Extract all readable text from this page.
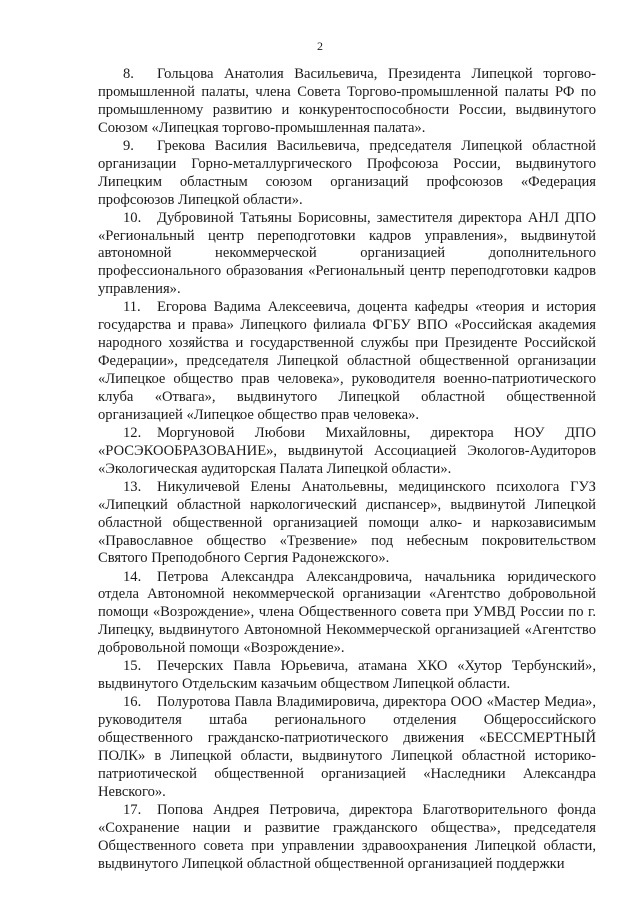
2

8. Гольцова Анатолия Васильевича, Президента Липецкой торгово-промышленной палаты, члена Совета Торгово-промышленной палаты РФ по промышленному развитию и конкурентоспособности России, выдвинутого Союзом «Липецкая торгово-промышленная палата».

9. Грекова Василия Васильевича, председателя Липецкой областной организации Горно-металлургического Профсоюза России, выдвинутого Липецким областным союзом организаций профсоюзов «Федерация профсоюзов Липецкой области».

10. Дубровиной Татьяны Борисовны, заместителя директора АНЛ ДПО «Региональный центр переподготовки кадров управления», выдвинутой автономной некоммерческой организацией дополнительного профессионального образования «Региональный центр переподготовки кадров управления».

11. Егорова Вадима Алексеевича, доцента кафедры «теория и история государства и права» Липецкого филиала ФГБУ ВПО «Российская академия народного хозяйства и государственной службы при Президенте Российской Федерации», председателя Липецкой областной общественной организации «Липецкое общество прав человека», руководителя военно-патриотического клуба «Отвага», выдвинутого Липецкой областной общественной организацией «Липецкое общество прав человека».

12. Моргуновой Любови Михайловны, директора НОУ ДПО «РОСЭКООБРАЗОВАНИЕ», выдвинутой Ассоциацией Экологов-Аудиторов «Экологическая аудиторская Палата Липецкой области».

13. Никуличевой Елены Анатольевны, медицинского психолога ГУЗ «Липецкий областной наркологический диспансер», выдвинутой Липецкой областной общественной организацией помощи алко- и наркозависимым «Православное общество «Трезвение» под небесным покровительством Святого Преподобного Сергия Радонежского».

14. Петрова Александра Александровича, начальника юридического отдела Автономной некоммерческой организации «Агентство добровольной помощи «Возрождение», члена Общественного совета при УМВД России по г. Липецку, выдвинутого Автономной Некоммерческой организацией «Агентство добровольной помощи «Возрождение».

15. Печерских Павла Юрьевича, атамана ХКО «Хутор Тербунский», выдвинутого Отдельским казачьим обществом Липецкой области.

16. Полуротова Павла Владимировича, директора ООО «Мастер Медиа», руководителя штаба регионального отделения Общероссийского общественного гражданско-патриотического движения «БЕССМЕРТНЫЙ ПОЛК» в Липецкой области, выдвинутого Липецкой областной историко-патриотической общественной организацией «Наследники Александра Невского».

17. Попова Андрея Петровича, директора Благотворительного фонда «Сохранение нации и развитие гражданского общества», председателя Общественного совета при управлении здравоохранения Липецкой области, выдвинутого Липецкой областной общественной организацией поддержки
